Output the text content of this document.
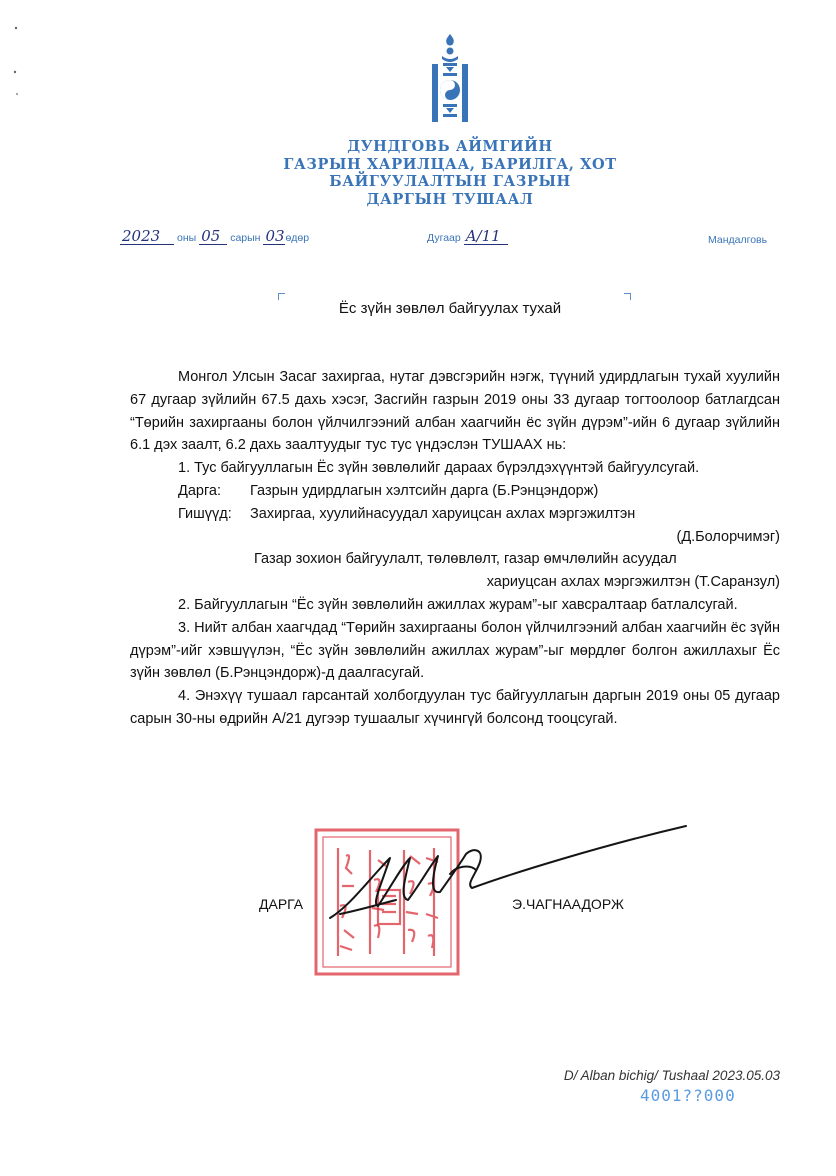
ДУНДГОВЬ АЙМГИЙН
ГАЗРЫН ХАРИЛЦАА, БАРИЛГА, ХОТ
БАЙГУУЛАЛТЫН ГАЗРЫН
ДАРГЫН ТУШААЛ
2023 оны 05 сарын 03өдөр	Дугаар A/11	Мандалговь
Ёс зүйн зөвлөл байгуулах тухай

Монгол Улсын Засаг захиргаа, нутаг дэвсгэрийн нэгж, түүний удирдлагын тухай хуулийн 67 дугаар зүйлийн 67.5 дахь хэсэг, Засгийн газрын 2019 оны 33 дугаар тогтоолоор батлагдсан “Төрийн захиргааны болон үйлчилгээний албан хаагчийн ёс зүйн дүрэм”-ийн 6 дугаар зүйлийн 6.1 дэх заалт, 6.2 дахь заалтуудыг тус тус үндэслэн ТУШААХ нь:

1. Тус байгууллагын Ёс зүйн зөвлөлийг дараах бүрэлдэхүүнтэй байгуулсугай.

Дарга:	Газрын удирдлагын хэлтсийн дарга (Б.Рэнцэндорж)
Гишүүд:	Захиргаа, хуулийнасуудал харуицсан ахлах мэргэжилтэн

(Д.Болорчимэг)

Газар зохион байгуулалт, төлөвлөлт, газар өмчлөлийн асуудал

хариуцсан ахлах мэргэжилтэн (Т.Саранзул)

2. Байгууллагын “Ёс зүйн зөвлөлийн ажиллах журам”-ыг хавсралтаар батлалсугай.

3. Нийт албан хаагчдад “Төрийн захиргааны болон үйлчилгээний албан хаагчийн ёс зүйн дүрэм”-ийг хэвшүүлэн, “Ёс зүйн зөвлөлийн ажиллах журам”-ыг мөрдлөг болгон ажиллахыг Ёс зүйн зөвлөл (Б.Рэнцэндорж)-д даалгасугай.

4. Энэхүү тушаал гарсантай холбогдуулан тус байгууллагын даргын 2019 оны 05 дугаар сарын 30-ны өдрийн А/21 дугээр тушаалыг хүчингүй болсонд тооцсугай.

ДАРГА	Э.ЧАГНААДОРЖ
D/ Alban bichig/ Tushaal 2023.05.03
4001??000
